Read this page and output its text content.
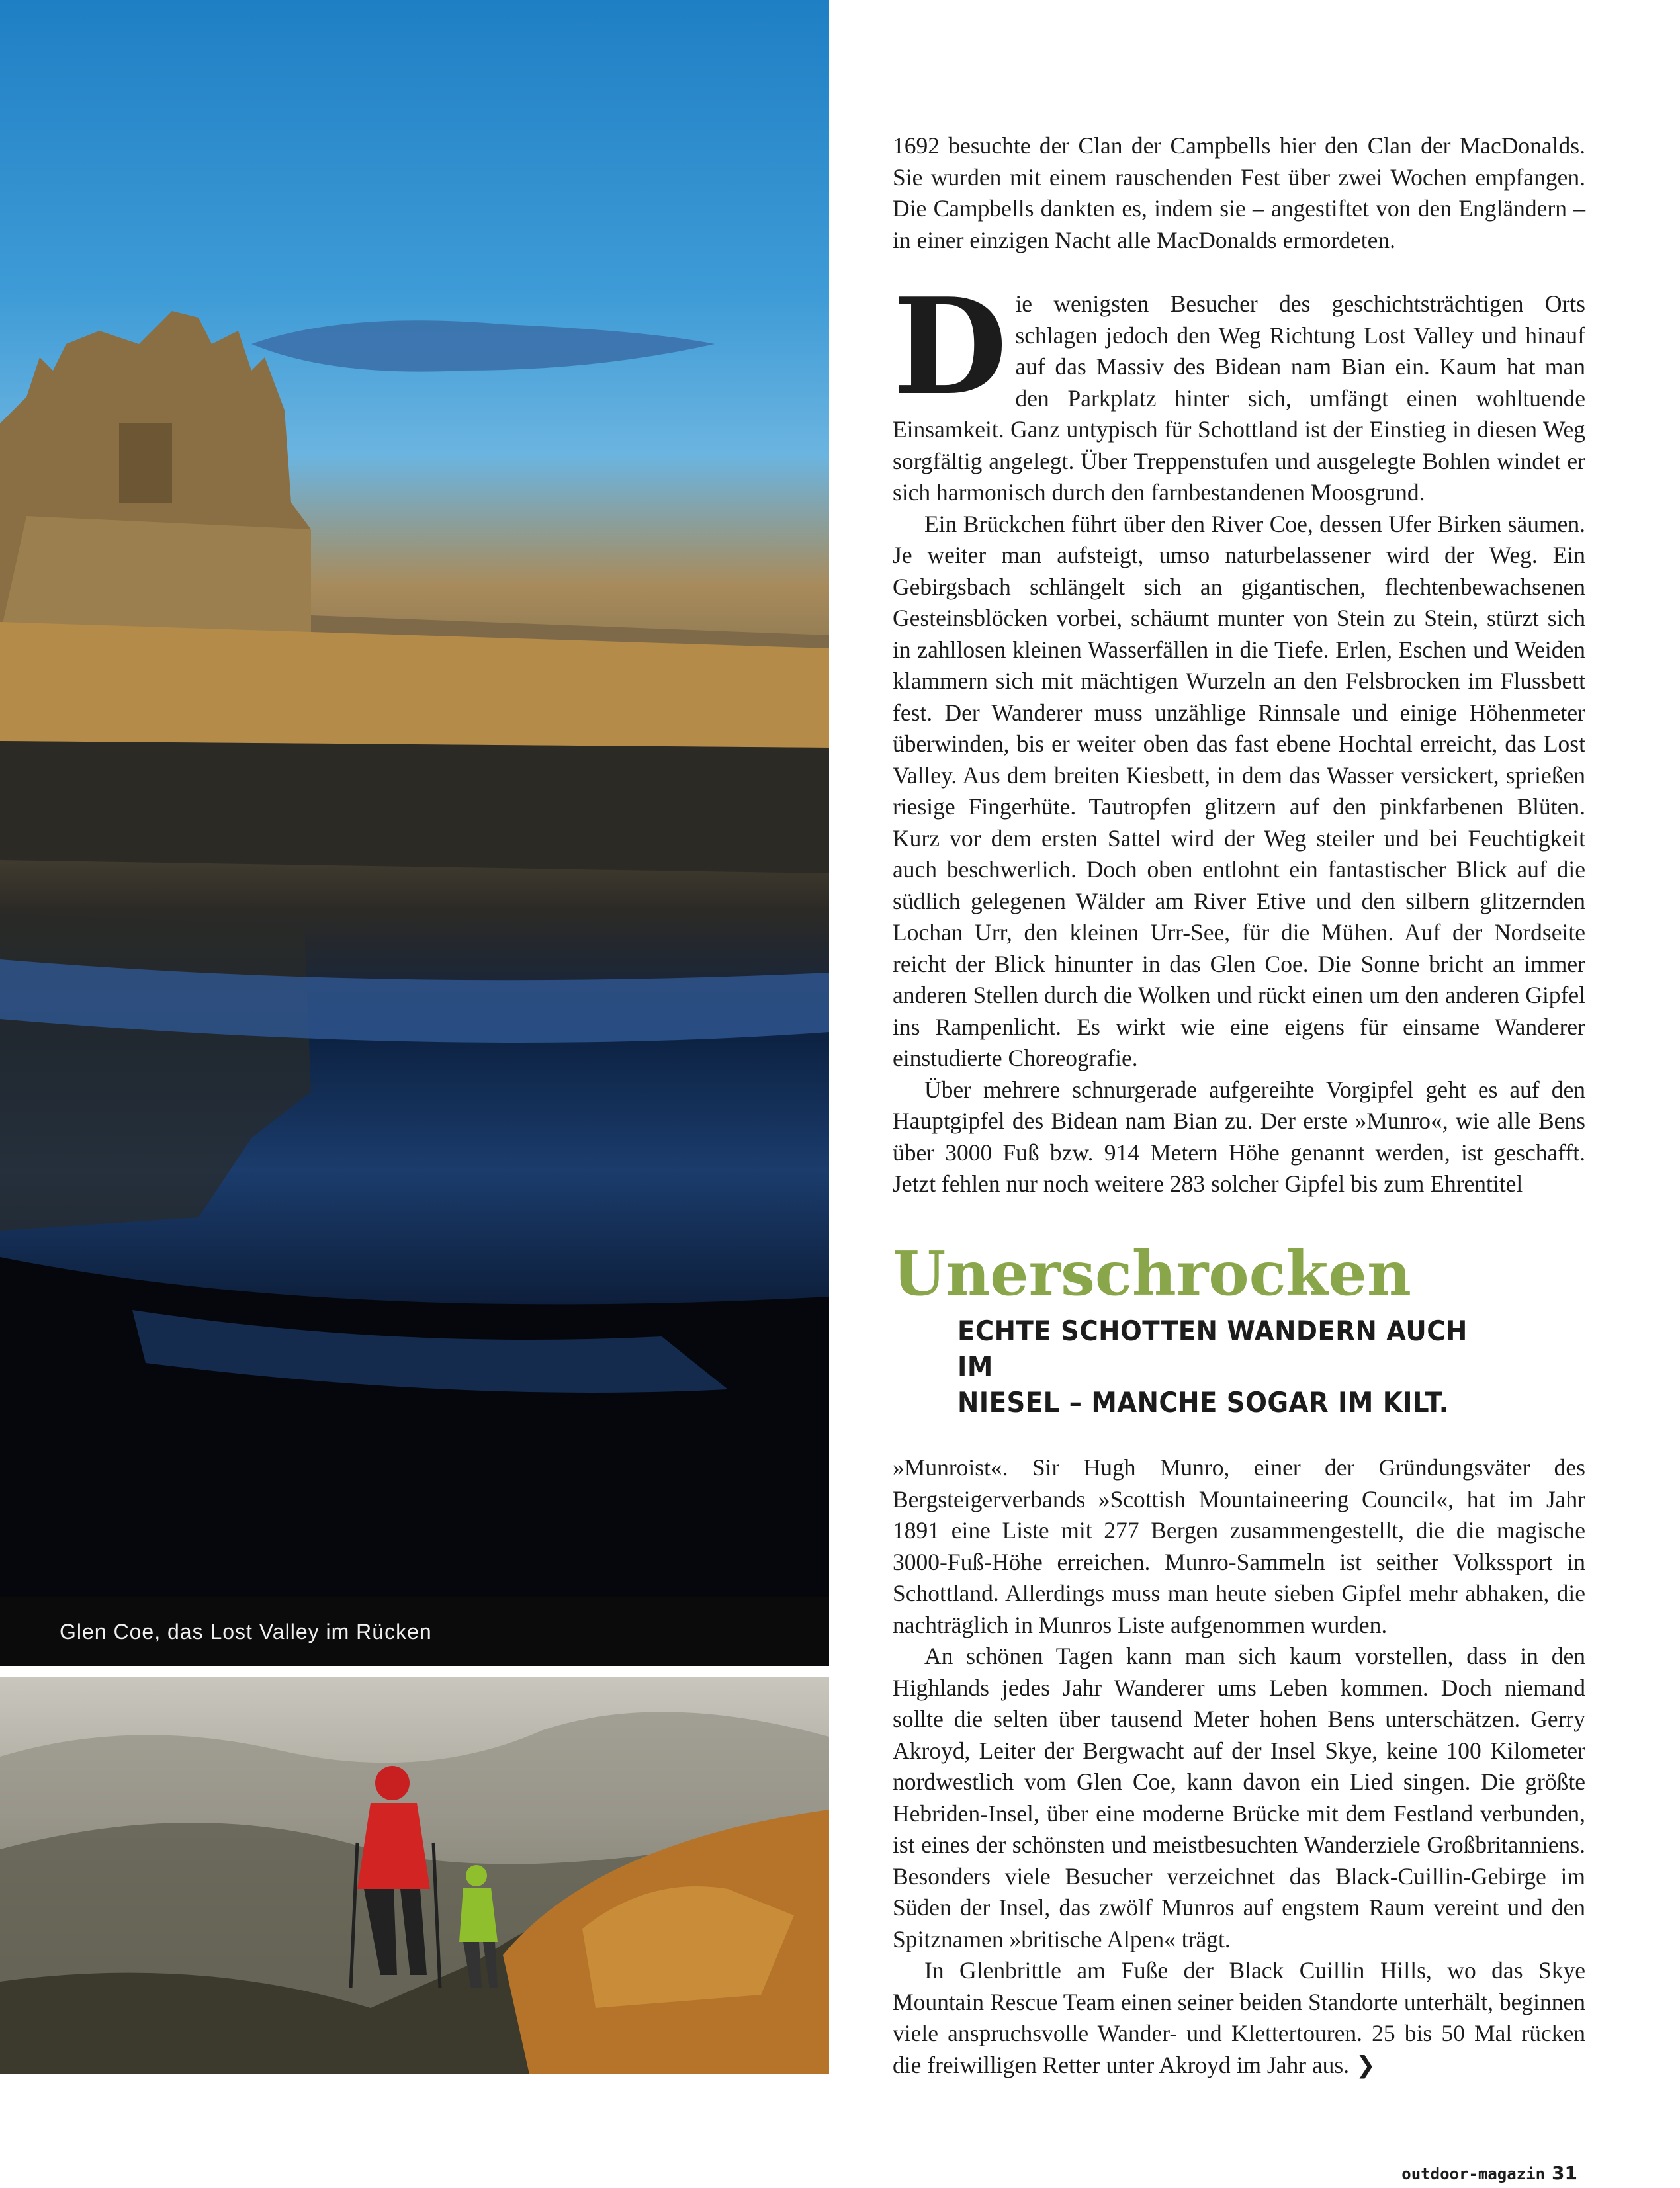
Glen Coe, das Lost Valley im Rücken

1692 besuchte der Clan der Campbells hier den Clan der MacDonalds. Sie wurden mit einem rauschenden Fest über zwei Wochen empfangen. Die Campbells dankten es, indem sie – angestiftet von den Engländern – in einer einzigen Nacht alle MacDonalds ermordeten.

Die wenigsten Besucher des geschichtsträchtigen Orts schlagen jedoch den Weg Richtung Lost Valley und hinauf auf das Massiv des Bidean nam Bian ein. Kaum hat man den Parkplatz hinter sich, umfängt einen wohltuende Einsamkeit. Ganz untypisch für Schottland ist der Einstieg in diesen Weg sorgfältig angelegt. Über Treppenstufen und ausgelegte Bohlen windet er sich harmonisch durch den farnbestandenen Moosgrund.

Ein Brückchen führt über den River Coe, dessen Ufer Birken säumen. Je weiter man aufsteigt, umso naturbelassener wird der Weg. Ein Gebirgsbach schlängelt sich an gigantischen, flechtenbewachsenen Gesteinsblöcken vorbei, schäumt munter von Stein zu Stein, stürzt sich in zahllosen kleinen Wasserfällen in die Tiefe. Erlen, Eschen und Weiden klammern sich mit mächtigen Wurzeln an den Felsbrocken im Flussbett fest. Der Wanderer muss unzählige Rinnsale und einige Höhenmeter überwinden, bis er weiter oben das fast ebene Hochtal erreicht, das Lost Valley. Aus dem breiten Kiesbett, in dem das Wasser versickert, sprießen riesige Fingerhüte. Tautropfen glitzern auf den pinkfarbenen Blüten. Kurz vor dem ersten Sattel wird der Weg steiler und bei Feuchtigkeit auch beschwerlich. Doch oben entlohnt ein fantastischer Blick auf die südlich gelegenen Wälder am River Etive und den silbern glitzernden Lochan Urr, den kleinen Urr-See, für die Mühen. Auf der Nordseite reicht der Blick hinunter in das Glen Coe. Die Sonne bricht an immer anderen Stellen durch die Wolken und rückt einen um den anderen Gipfel ins Rampenlicht. Es wirkt wie eine eigens für einsame Wanderer einstudierte Choreografie.

Über mehrere schnurgerade aufgereihte Vorgipfel geht es auf den Hauptgipfel des Bidean nam Bian zu. Der erste »Munro«, wie alle Bens über 3000 Fuß bzw. 914 Metern Höhe genannt werden, ist geschafft. Jetzt fehlen nur noch weitere 283 solcher Gipfel bis zum Ehrentitel

Unerschrocken
ECHTE SCHOTTEN WANDERN AUCH IM
NIESEL – MANCHE SOGAR IM KILT.

»Munroist«. Sir Hugh Munro, einer der Gründungsväter des Bergsteigerverbands »Scottish Mountaineering Council«, hat im Jahr 1891 eine Liste mit 277 Bergen zusammengestellt, die die magische 3000-Fuß-Höhe erreichen. Munro-Sammeln ist seither Volkssport in Schottland. Allerdings muss man heute sieben Gipfel mehr abhaken, die nachträglich in Munros Liste aufgenommen wurden.

An schönen Tagen kann man sich kaum vorstellen, dass in den Highlands jedes Jahr Wanderer ums Leben kommen. Doch niemand sollte die selten über tausend Meter hohen Bens unterschätzen. Gerry Akroyd, Leiter der Bergwacht auf der Insel Skye, keine 100 Kilometer nordwestlich vom Glen Coe, kann davon ein Lied singen. Die größte Hebriden-Insel, über eine moderne Brücke mit dem Festland verbunden, ist eines der schönsten und meistbesuchten Wanderziele Großbritanniens. Besonders viele Besucher verzeichnet das Black-Cuillin-Gebirge im Süden der Insel, das zwölf Munros auf engstem Raum vereint und den Spitznamen »britische Alpen« trägt.

In Glenbrittle am Fuße der Black Cuillin Hills, wo das Skye Mountain Rescue Team einen seiner beiden Standorte unterhält, beginnen viele anspruchsvolle Wander- und Klettertouren. 25 bis 50 Mal rücken die freiwilligen Retter unter Akroyd im Jahr aus. ❯

outdoor-magazin 31
